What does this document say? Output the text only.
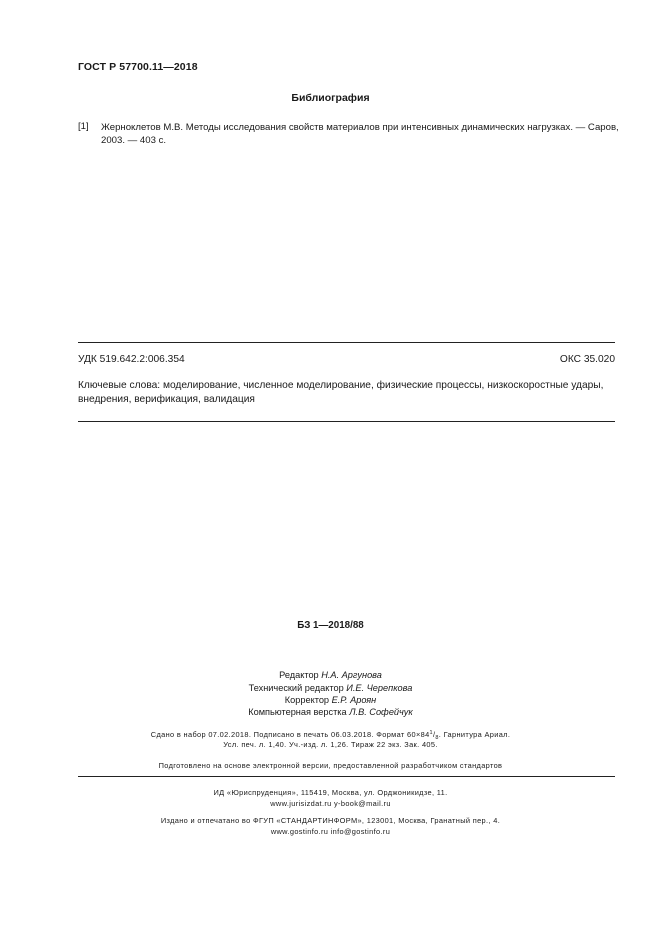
ГОСТ Р 57700.11—2018
Библиография
[1] Жерноклетов М.В. Методы исследования свойств материалов при интенсивных динамических нагрузках. — Саров, 2003. — 403 с.
УДК 519.642.2:006.354	ОКС 35.020
Ключевые слова: моделирование, численное моделирование, физические процессы, низкоскоростные удары, внедрения, верификация, валидация
БЗ 1—2018/88
Редактор Н.А. Аргунова
Технический редактор И.Е. Черепкова
Корректор Е.Р. Ароян
Компьютерная верстка Л.В. Софейчук
Сдано в набор 07.02.2018. Подписано в печать 06.03.2018. Формат $60\times 84^1/_8$. Гарнитура Ариал.
Усл. печ. л. 1,40. Уч.-изд. л. 1,26. Тираж 22 экз. Зак. 405.
Подготовлено на основе электронной версии, предоставленной разработчиком стандартов
ИД «Юриспруденция», 115419, Москва, ул. Орджоникидзе, 11.
www.jurisizdat.ru y-book@mail.ru
Издано и отпечатано во ФГУП «СТАНДАРТИНФОРМ», 123001, Москва, Гранатный пер., 4.
www.gostinfo.ru info@gostinfo.ru
